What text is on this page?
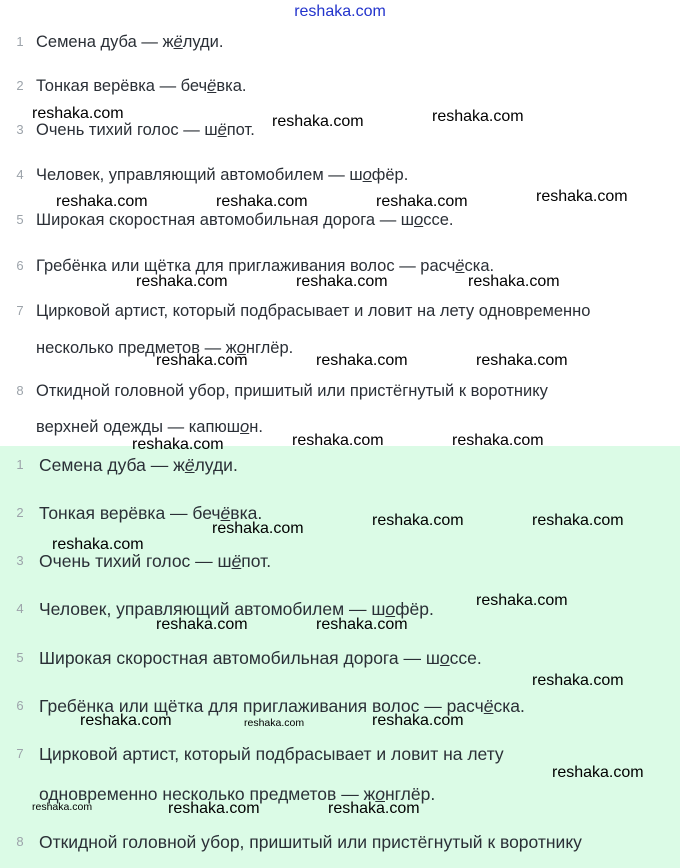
reshaka.com
1 Семена дуба — жёлуди.
2 Тонкая верёвка — бечёвка.
3 Очень тихий голос — шёпот.
4 Человек, управляющий автомобилем — шофёр.
5 Широкая скоростная автомобильная дорога — шоссе.
6 Гребёнка или щётка для приглаживания волос — расчёска.
7 Цирковой артист, который подбрасывает и ловит на лету одновременно
несколько предметов — жонглёр.
8 Откидной головной убор, пришитый или пристёгнутый к воротнику
верхней одежды — капюшон.
1 Семена дуба — жёлуди.
2 Тонкая верёвка — бечёвка.
3 Очень тихий голос — шёпот.
4 Человек, управляющий автомобилем — шофёр.
5 Широкая скоростная автомобильная дорога — шоссе.
6 Гребёнка или щётка для приглаживания волос — расчёска.
7 Цирковой артист, который подбрасывает и ловит на лету
одновременно несколько предметов — жонглёр.
8 Откидной головной убор, пришитый или пристёгнутый к воротнику
reshaka.com	reshaka.com	reshaka.com
reshaka.com	reshaka.com	reshaka.com	reshaka.com
reshaka.com	reshaka.com	reshaka.com
reshaka.com	reshaka.com	reshaka.com
reshaka.com	reshaka.com	reshaka.com
reshaka.com	reshaka.com	reshaka.com
reshaka.com
reshaka.com
reshaka.com	reshaka.com
reshaka.com
reshaka.com	reshaka.com	reshaka.com
reshaka.com
reshaka.com	reshaka.com	reshaka.com
